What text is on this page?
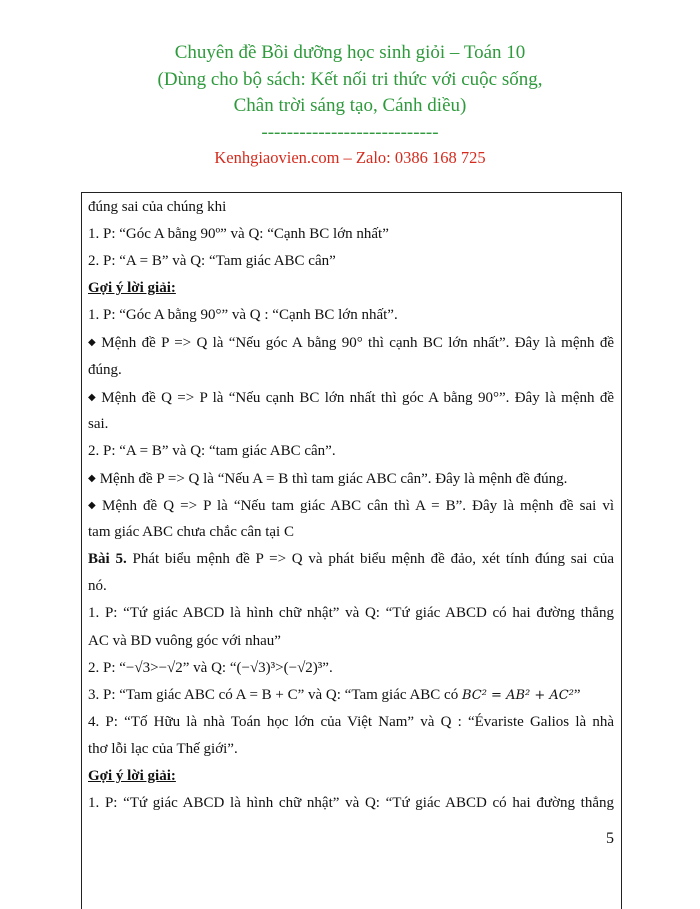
Chuyên đề Bồi dưỡng học sinh giỏi – Toán 10
(Dùng cho bộ sách: Kết nối tri thức với cuộc sống,
Chân trời sáng tạo, Cánh diều)
----------------------------
Kenhgiaovien.com – Zalo: 0386 168 725
đúng sai của chúng khi
1. P: “Góc A bằng 90º” và Q: “Cạnh BC lớn nhất”
2. P: “A = B” và Q: “Tam giác ABC cân”
Gợi ý lời giải:
1. P: “Góc A bằng 90°” và Q : “Cạnh BC lớn nhất”.
◆ Mệnh đề P => Q là “Nếu góc A bằng 90° thì cạnh BC lớn nhất”. Đây là mệnh đề
đúng.
◆ Mệnh đề Q => P là “Nếu cạnh BC lớn nhất thì góc A bằng 90°”. Đây là mệnh đề
sai.
2. P: “A = B” và Q: “tam giác ABC cân”.
◆ Mệnh đề P => Q là “Nếu A = B thì tam giác ABC cân”. Đây là mệnh đề đúng.
◆ Mệnh đề Q => P là “Nếu tam giác ABC cân thì A = B”. Đây là mệnh đề sai vì
tam giác ABC chưa chắc cân tại C
Bài 5. Phát biểu mệnh đề P => Q và phát biểu mệnh đề đảo, xét tính đúng sai của
nó.
1. P: “Tứ giác ABCD là hình chữ nhật” và Q: “Tứ giác ABCD có hai đường thẳng
AC và BD vuông góc với nhau”
2. P: “−√3>−√2” và Q: “(−√3)³>(−√2)³”.
3. P: “Tam giác ABC có A = B + C” và Q: “Tam giác ABC có BC² = AB² + AC²”
4. P: “Tố Hữu là nhà Toán học lớn của Việt Nam” và Q : “Évariste Galios là nhà
thơ lỗi lạc của Thế giới”.
Gợi ý lời giải:
1. P: “Tứ giác ABCD là hình chữ nhật” và Q: “Tứ giác ABCD có hai đường thẳng
5
